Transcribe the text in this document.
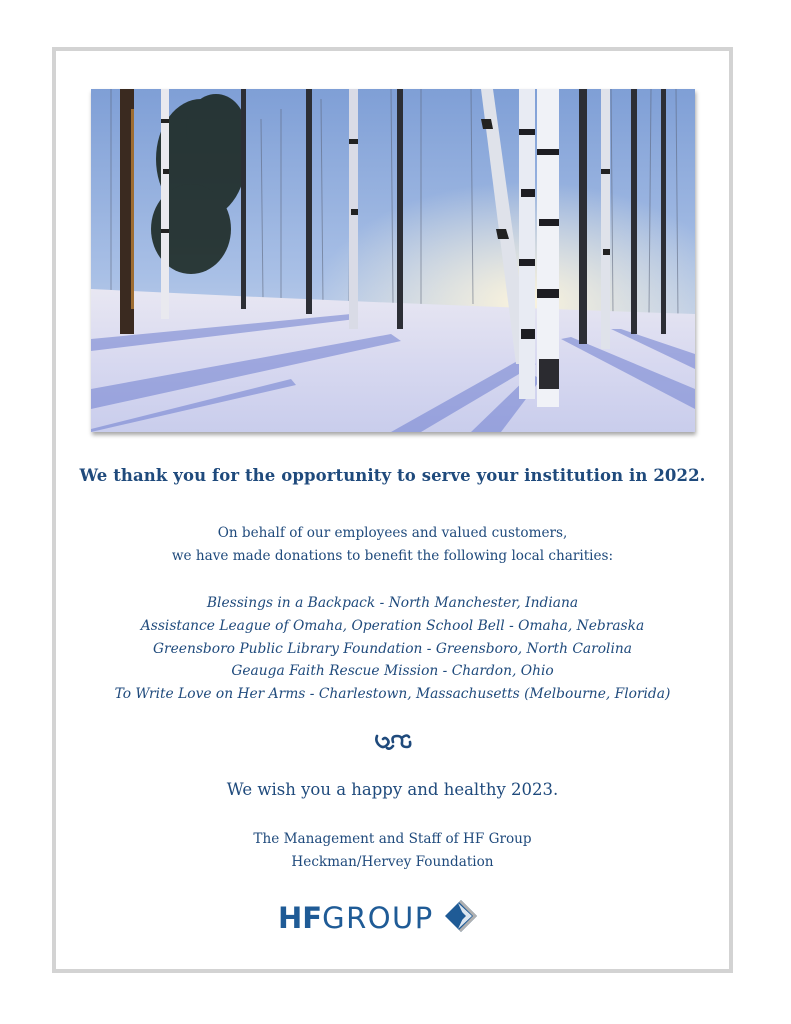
We thank you for the opportunity to serve your institution in 2022.
On behalf of our employees and valued customers,
we have made donations to benefit the following local charities:
Blessings in a Backpack - North Manchester, Indiana
Assistance League of Omaha, Operation School Bell - Omaha, Nebraska
Greensboro Public Library Foundation - Greensboro, North Carolina
Geauga Faith Rescue Mission - Chardon, Ohio
To Write Love on Her Arms - Charlestown, Massachusetts (Melbourne, Florida)
We wish you a happy and healthy 2023.
The Management and Staff of HF Group
Heckman/Hervey Foundation
HFGROUP
